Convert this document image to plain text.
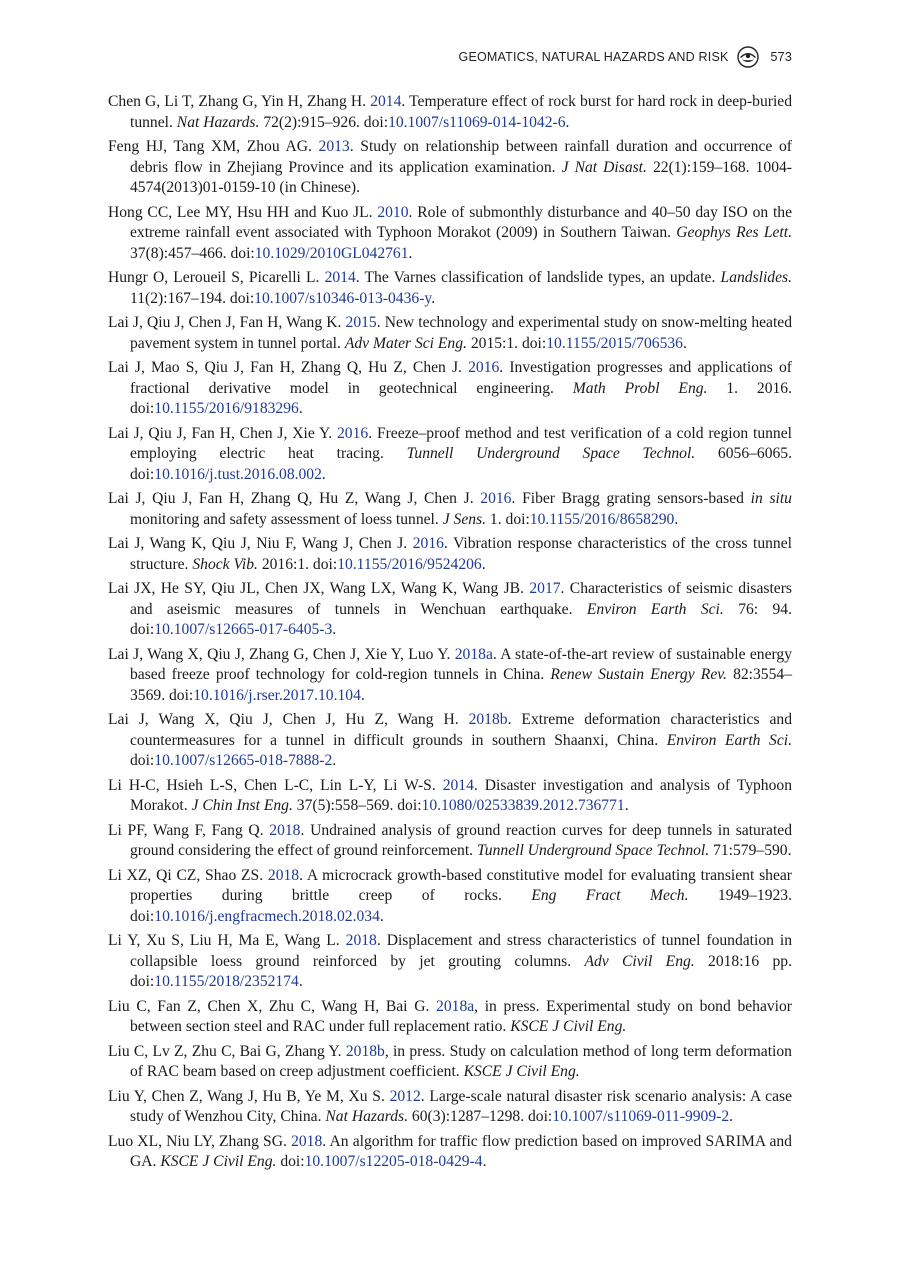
GEOMATICS, NATURAL HAZARDS AND RISK	573
Chen G, Li T, Zhang G, Yin H, Zhang H. 2014. Temperature effect of rock burst for hard rock in deep-buried tunnel. Nat Hazards. 72(2):915–926. doi:10.1007/s11069-014-1042-6.
Feng HJ, Tang XM, Zhou AG. 2013. Study on relationship between rainfall duration and occurrence of debris flow in Zhejiang Province and its application examination. J Nat Disast. 22(1):159–168. 1004-4574(2013)01-0159-10 (in Chinese).
Hong CC, Lee MY, Hsu HH and Kuo JL. 2010. Role of submonthly disturbance and 40–50 day ISO on the extreme rainfall event associated with Typhoon Morakot (2009) in Southern Taiwan. Geophys Res Lett. 37(8):457–466. doi:10.1029/2010GL042761.
Hungr O, Leroueil S, Picarelli L. 2014. The Varnes classification of landslide types, an update. Landslides. 11(2):167–194. doi:10.1007/s10346-013-0436-y.
Lai J, Qiu J, Chen J, Fan H, Wang K. 2015. New technology and experimental study on snow-melting heated pavement system in tunnel portal. Adv Mater Sci Eng. 2015:1. doi:10.1155/2015/706536.
Lai J, Mao S, Qiu J, Fan H, Zhang Q, Hu Z, Chen J. 2016. Investigation progresses and applications of fractional derivative model in geotechnical engineering. Math Probl Eng. 1. 2016. doi:10.1155/2016/9183296.
Lai J, Qiu J, Fan H, Chen J, Xie Y. 2016. Freeze–proof method and test verification of a cold region tunnel employing electric heat tracing. Tunnell Underground Space Technol. 6056–6065. doi:10.1016/j.tust.2016.08.002.
Lai J, Qiu J, Fan H, Zhang Q, Hu Z, Wang J, Chen J. 2016. Fiber Bragg grating sensors-based in situ monitoring and safety assessment of loess tunnel. J Sens. 1. doi:10.1155/2016/8658290.
Lai J, Wang K, Qiu J, Niu F, Wang J, Chen J. 2016. Vibration response characteristics of the cross tunnel structure. Shock Vib. 2016:1. doi:10.1155/2016/9524206.
Lai JX, He SY, Qiu JL, Chen JX, Wang LX, Wang K, Wang JB. 2017. Characteristics of seismic disasters and aseismic measures of tunnels in Wenchuan earthquake. Environ Earth Sci. 76: 94. doi:10.1007/s12665-017-6405-3.
Lai J, Wang X, Qiu J, Zhang G, Chen J, Xie Y, Luo Y. 2018a. A state-of-the-art review of sustainable energy based freeze proof technology for cold-region tunnels in China. Renew Sustain Energy Rev. 82:3554–3569. doi:10.1016/j.rser.2017.10.104.
Lai J, Wang X, Qiu J, Chen J, Hu Z, Wang H. 2018b. Extreme deformation characteristics and countermeasures for a tunnel in difficult grounds in southern Shaanxi, China. Environ Earth Sci. doi:10.1007/s12665-018-7888-2.
Li H-C, Hsieh L-S, Chen L-C, Lin L-Y, Li W-S. 2014. Disaster investigation and analysis of Typhoon Morakot. J Chin Inst Eng. 37(5):558–569. doi:10.1080/02533839.2012.736771.
Li PF, Wang F, Fang Q. 2018. Undrained analysis of ground reaction curves for deep tunnels in saturated ground considering the effect of ground reinforcement. Tunnell Underground Space Technol. 71:579–590.
Li XZ, Qi CZ, Shao ZS. 2018. A microcrack growth-based constitutive model for evaluating transient shear properties during brittle creep of rocks. Eng Fract Mech. 1949–1923. doi:10.1016/j.engfracmech.2018.02.034.
Li Y, Xu S, Liu H, Ma E, Wang L. 2018. Displacement and stress characteristics of tunnel foundation in collapsible loess ground reinforced by jet grouting columns. Adv Civil Eng. 2018:16 pp. doi:10.1155/2018/2352174.
Liu C, Fan Z, Chen X, Zhu C, Wang H, Bai G. 2018a, in press. Experimental study on bond behavior between section steel and RAC under full replacement ratio. KSCE J Civil Eng.
Liu C, Lv Z, Zhu C, Bai G, Zhang Y. 2018b, in press. Study on calculation method of long term deformation of RAC beam based on creep adjustment coefficient. KSCE J Civil Eng.
Liu Y, Chen Z, Wang J, Hu B, Ye M, Xu S. 2012. Large-scale natural disaster risk scenario analysis: A case study of Wenzhou City, China. Nat Hazards. 60(3):1287–1298. doi:10.1007/s11069-011-9909-2.
Luo XL, Niu LY, Zhang SG. 2018. An algorithm for traffic flow prediction based on improved SARIMA and GA. KSCE J Civil Eng. doi:10.1007/s12205-018-0429-4.
